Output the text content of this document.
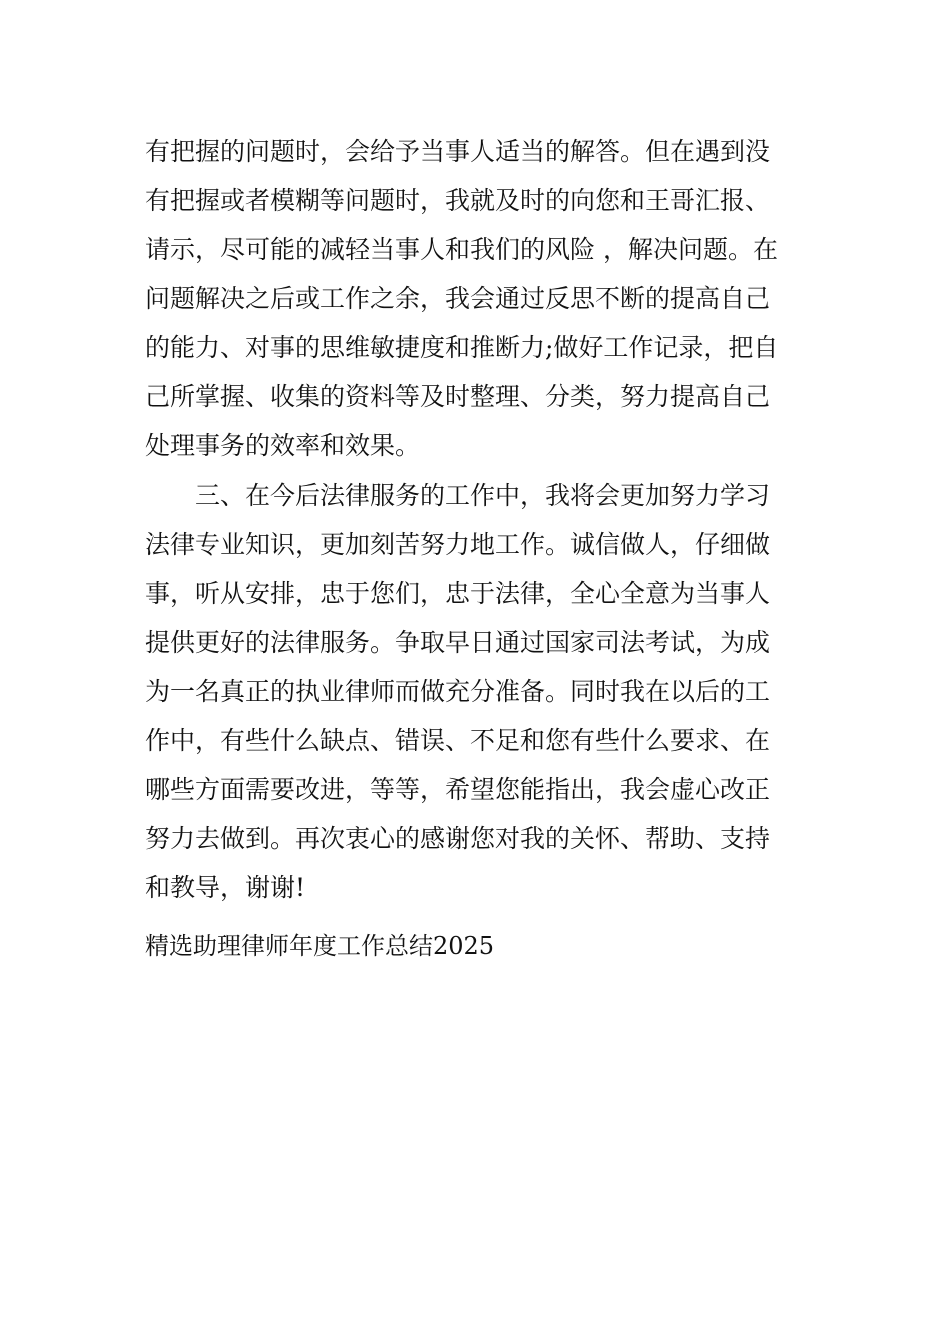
有把握的问题时，会给予当事人适当的解答。但在遇到没
有把握或者模糊等问题时，我就及时的向您和王哥汇报、
请示，尽可能的减轻当事人和我们的风险 ，解决问题。在
问题解决之后或工作之余，我会通过反思不断的提高自己
的能力、对事的思维敏捷度和推断力;做好工作记录，把自
己所掌握、收集的资料等及时整理、分类，努力提高自己
处理事务的效率和效果。
　　三、在今后法律服务的工作中，我将会更加努力学习
法律专业知识，更加刻苦努力地工作。诚信做人，仔细做
事，听从安排，忠于您们，忠于法律，全心全意为当事人
提供更好的法律服务。争取早日通过国家司法考试，为成
为一名真正的执业律师而做充分准备。同时我在以后的工
作中，有些什么缺点、错误、不足和您有些什么要求、在
哪些方面需要改进，等等，希望您能指出，我会虚心改正
努力去做到。再次衷心的感谢您对我的关怀、帮助、支持
和教导，谢谢!
精选助理律师年度工作总结2025
